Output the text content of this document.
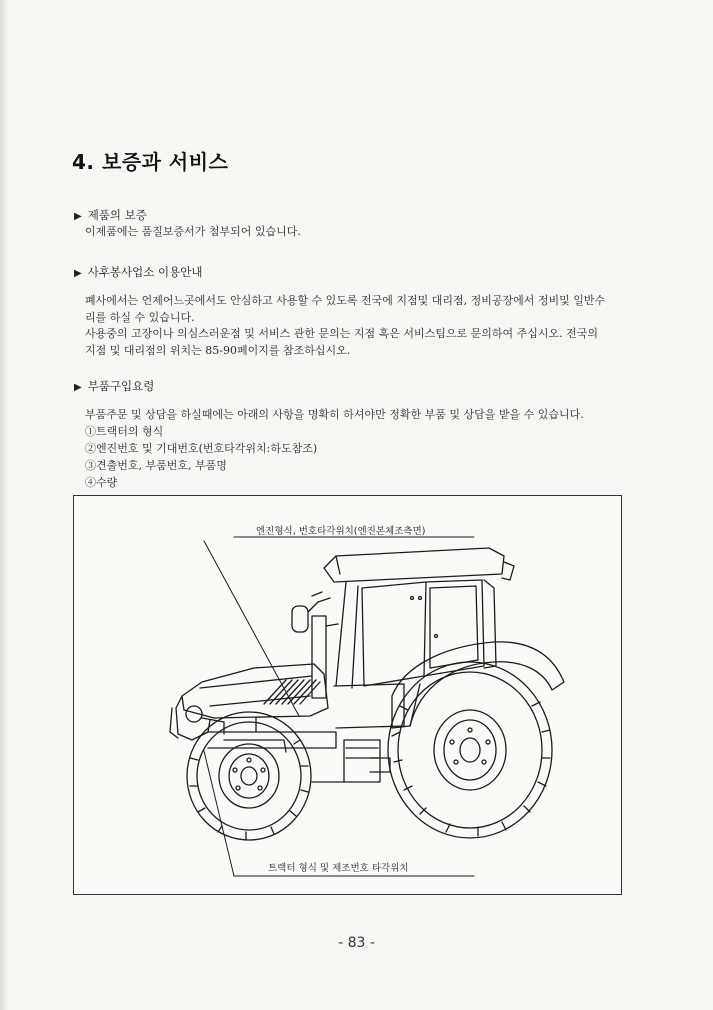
4. 보증과 서비스
▶ 제품의 보증
이제품에는 품질보증서가 첨부되어 있습니다.
▶ 사후봉사업소 이용안내
폐사에서는 언제어느곳에서도 안심하고 사용할 수 있도록 전국에 지점및 대리점, 정비공장에서 정비및 일반수
리를 하실 수 있습니다.
사용중의 고장이나 의심스러운점 및 서비스 관한 문의는 지점 혹은 서비스팀으로 문의하여 주십시오. 전국의
지점 및 대리점의 위치는 85-90페이지를 참조하십시오.
▶ 부품구입요령
부품주문 및 상담을 하실때에는 아래의 사항을 명확히 하셔야만 정확한 부품 및 상담을 받을 수 있습니다.
①트랙터의 형식
②엔진번호 및 기대번호(번호타각위치:하도참조)
③견출번호, 부품번호, 부품명
④수량
엔진형식, 번호타각위치(엔진본체조측면)
트랙터 형식 및 제조번호 타각위치
- 83 -
